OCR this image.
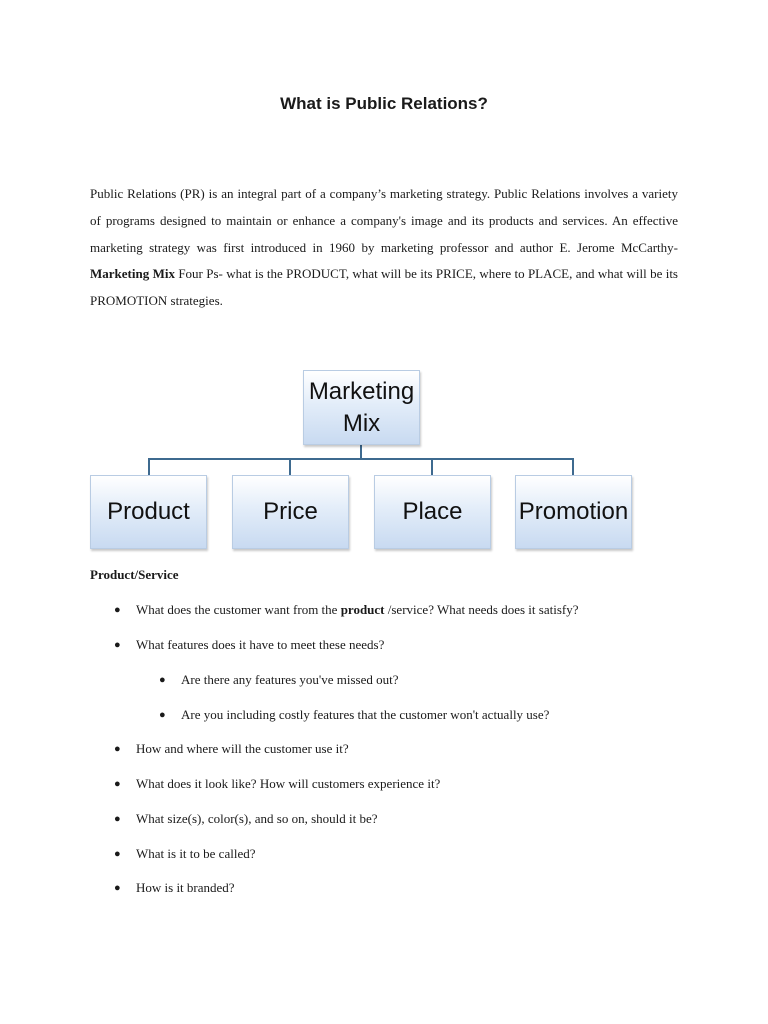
What is Public Relations?

Public Relations (PR) is an integral part of a company’s marketing strategy. Public Relations involves a variety of programs designed to maintain or enhance a company's image and its products and services. An effective marketing strategy was first introduced in 1960 by marketing professor and author E. Jerome McCarthy- Marketing Mix Four Ps- what is the PRODUCT, what will be its PRICE, where to PLACE, and what will be its PROMOTION strategies.

Marketing Mix
Product	Price	Place	Promotion
Product/Service
● What does the customer want from the product /service? What needs does it satisfy?
● What features does it have to meet these needs?
● Are there any features you've missed out?
● Are you including costly features that the customer won't actually use?
● How and where will the customer use it?
● What does it look like? How will customers experience it?
● What size(s), color(s), and so on, should it be?
● What is it to be called?
● How is it branded?
